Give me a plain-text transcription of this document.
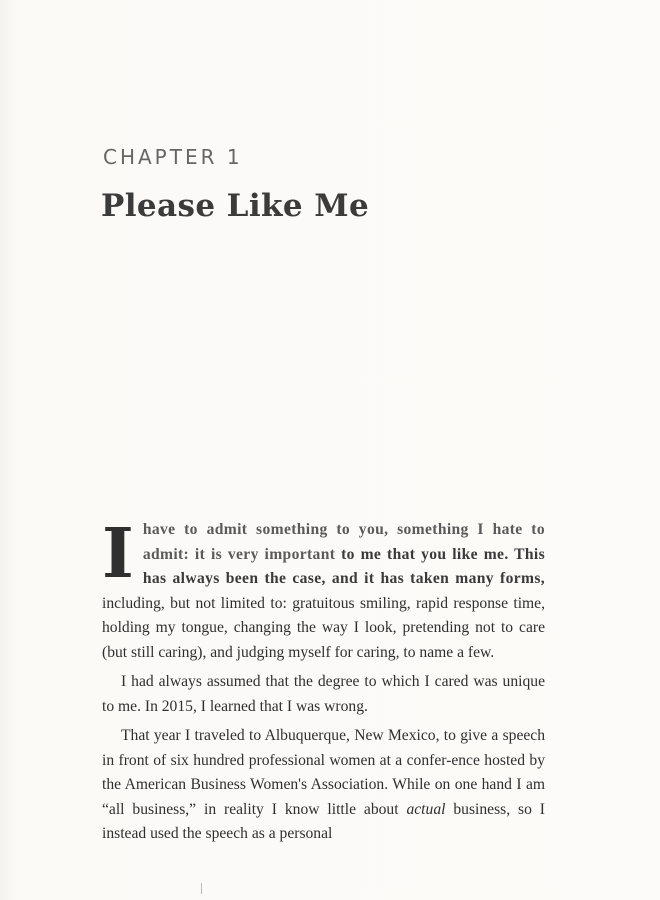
CHAPTER 1
Please Like Me

I have to admit something to you, something I hate to admit: it is very important to me that you like me. This has always been the case, and it has taken many forms, including, but not limited to: gratuitous smiling, rapid response time, holding my tongue, changing the way I look, pretending not to care (but still caring), and judging myself for caring, to name a few.

I had always assumed that the degree to which I cared was unique to me. In 2015, I learned that I was wrong.

That year I traveled to Albuquerque, New Mexico, to give a speech in front of six hundred professional women at a confer-ence hosted by the American Business Women's Association. While on one hand I am “all business,” in reality I know little about actual business, so I instead used the speech as a personal
